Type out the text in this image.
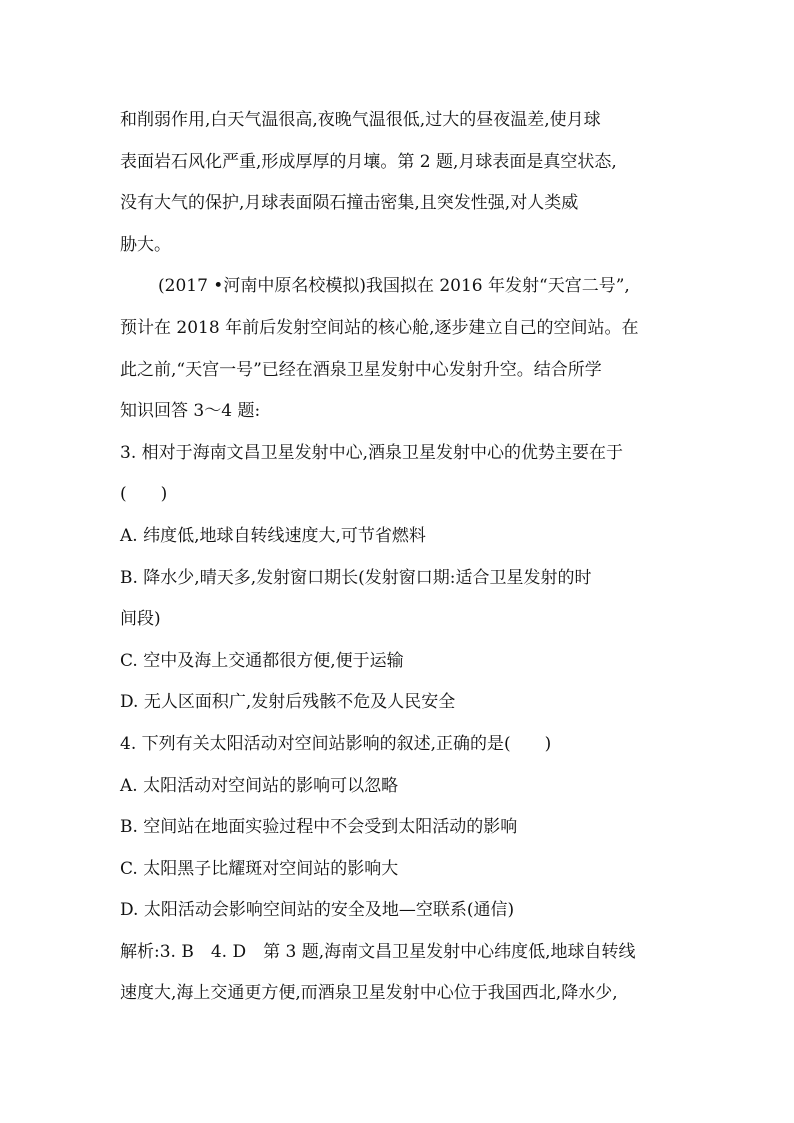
和削弱作用,白天气温很高,夜晚气温很低,过大的昼夜温差,使月球

表面岩石风化严重,形成厚厚的月壤。第 2 题,月球表面是真空状态,

没有大气的保护,月球表面陨石撞击密集,且突发性强,对人类威

胁大。

(2017 •河南中原名校模拟)我国拟在 2016 年发射“天宫二号”,

预计在 2018 年前后发射空间站的核心舱,逐步建立自己的空间站。在

此之前,“天宫一号”已经在酒泉卫星发射中心发射升空。结合所学

知识回答 3～4 题:

3. 相对于海南文昌卫星发射中心,酒泉卫星发射中心的优势主要在于

(　　)

A. 纬度低,地球自转线速度大,可节省燃料

B. 降水少,晴天多,发射窗口期长(发射窗口期:适合卫星发射的时

间段)

C. 空中及海上交通都很方便,便于运输

D. 无人区面积广,发射后残骸不危及人民安全

4. 下列有关太阳活动对空间站影响的叙述,正确的是(　　)

A. 太阳活动对空间站的影响可以忽略

B. 空间站在地面实验过程中不会受到太阳活动的影响

C. 太阳黑子比耀斑对空间站的影响大

D. 太阳活动会影响空间站的安全及地—空联系(通信)

解析:3. B　4. D　第 3 题,海南文昌卫星发射中心纬度低,地球自转线

速度大,海上交通更方便,而酒泉卫星发射中心位于我国西北,降水少,
